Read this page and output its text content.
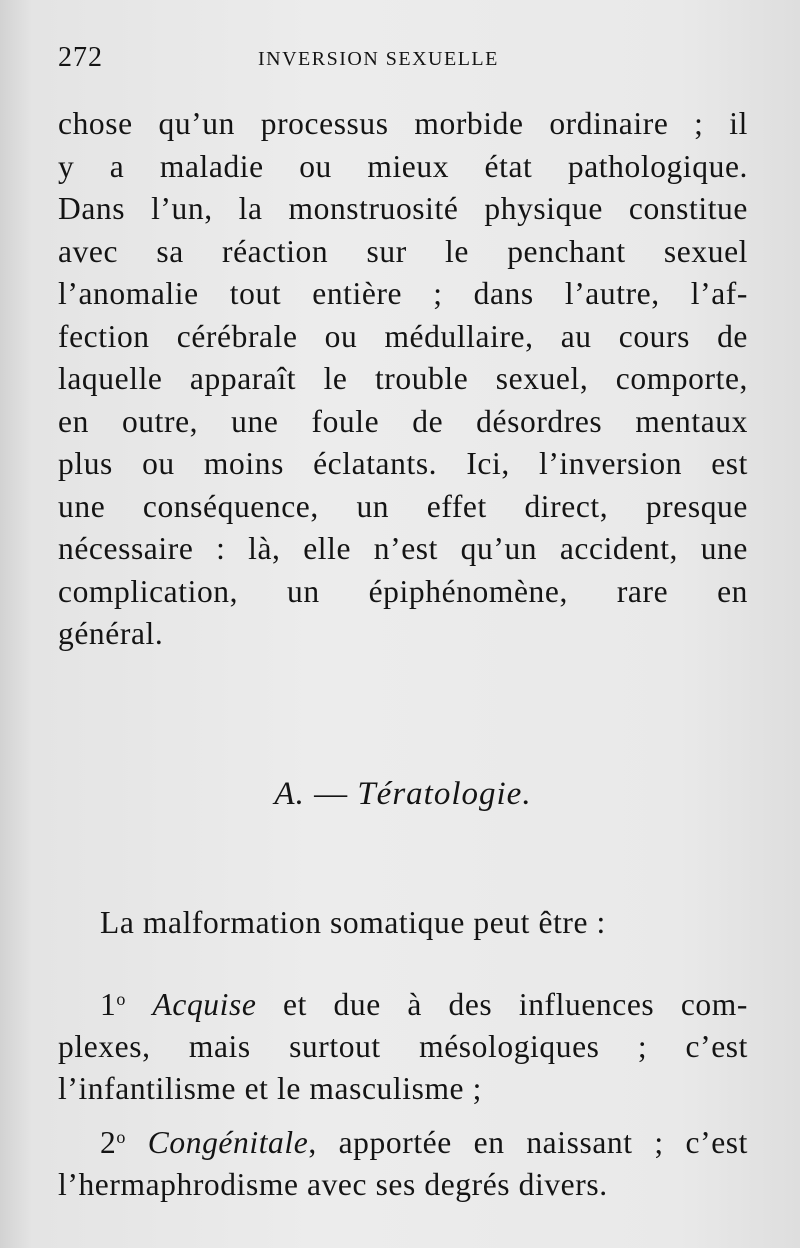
272	INVERSION SEXUELLE
chose qu’un processus morbide ordinaire ; il
y a maladie ou mieux état pathologique.
Dans l’un, la monstruosité physique constitue
avec sa réaction sur le penchant sexuel
l’anomalie tout entière ; dans l’autre, l’af-
fection cérébrale ou médullaire, au cours de
laquelle apparaît le trouble sexuel, comporte,
en outre, une foule de désordres mentaux
plus ou moins éclatants. Ici, l’inversion est
une conséquence, un effet direct, presque
nécessaire : là, elle n’est qu’un accident, une
complication, un épiphénomène, rare en
général.
A. — Tératologie.
La malformation somatique peut être :
1$^o$ Acquise et due à des influences com-
plexes, mais surtout mésologiques ; c’est
l’infantilisme et le masculisme ;
2$^o$ Congénitale, apportée en naissant ; c’est
l’hermaphrodisme avec ses degrés divers.
